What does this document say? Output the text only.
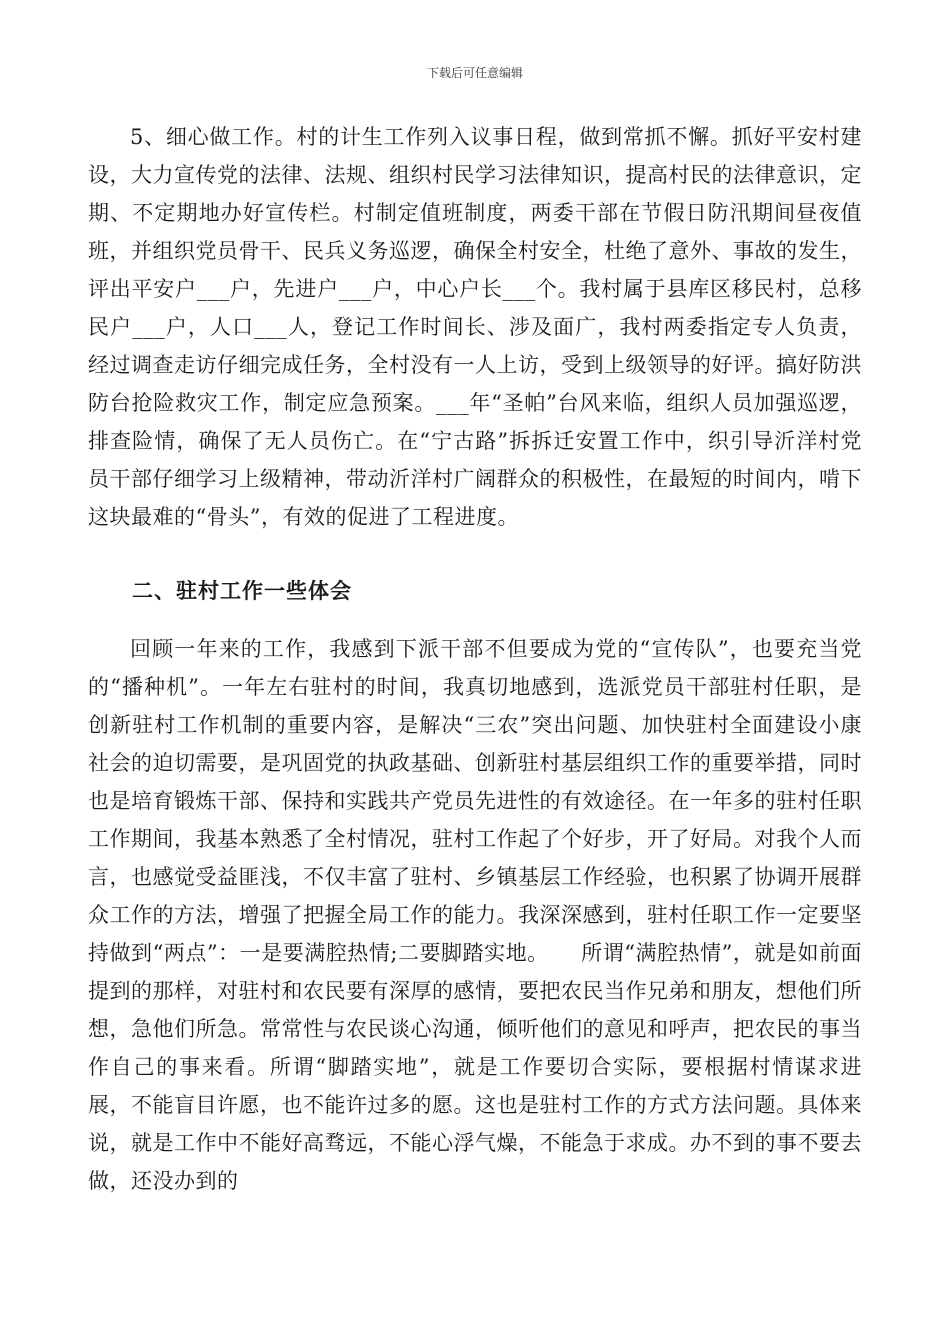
下载后可任意编辑

5、细心做工作。村的计生工作列入议事日程，做到常抓不懈。抓好平安村建设，大力宣传党的法律、法规、组织村民学习法律知识，提高村民的法律意识，定期、不定期地办好宣传栏。村制定值班制度，两委干部在节假日防汛期间昼夜值班，并组织党员骨干、民兵义务巡逻，确保全村安全，杜绝了意外、事故的发生，评出平安户___户，先进户___户，中心户长___个。我村属于县库区移民村，总移民户___户，人口___人，登记工作时间长、涉及面广，我村两委指定专人负责，经过调查走访仔细完成任务，全村没有一人上访，受到上级领导的好评。搞好防洪防台抢险救灾工作，制定应急预案。___年“圣帕”台风来临，组织人员加强巡逻，排查险情，确保了无人员伤亡。在“宁古路”拆拆迁安置工作中，织引导沂洋村党员干部仔细学习上级精神，带动沂洋村广阔群众的积极性，在最短的时间内，啃下这块最难的“骨头”，有效的促进了工程进度。

二、驻村工作一些体会

回顾一年来的工作，我感到下派干部不但要成为党的“宣传队”，也要充当党的“播种机”。一年左右驻村的时间，我真切地感到，选派党员干部驻村任职，是创新驻村工作机制的重要内容，是解决“三农”突出问题、加快驻村全面建设小康社会的迫切需要，是巩固党的执政基础、创新驻村基层组织工作的重要举措，同时也是培育锻炼干部、保持和实践共产党员先进性的有效途径。在一年多的驻村任职工作期间，我基本熟悉了全村情况，驻村工作起了个好步，开了好局。对我个人而言，也感觉受益匪浅，不仅丰富了驻村、乡镇基层工作经验，也积累了协调开展群众工作的方法，增强了把握全局工作的能力。我深深感到，驻村任职工作一定要坚持做到“两点”：一是要满腔热情;二要脚踏实地。　　所谓“满腔热情”，就是如前面提到的那样，对驻村和农民要有深厚的感情，要把农民当作兄弟和朋友，想他们所想，急他们所急。常常性与农民谈心沟通，倾听他们的意见和呼声，把农民的事当作自己的事来看。所谓“脚踏实地”，就是工作要切合实际，要根据村情谋求进展，不能盲目许愿，也不能许过多的愿。这也是驻村工作的方式方法问题。具体来说，就是工作中不能好高骛远，不能心浮气燥，不能急于求成。办不到的事不要去做，还没办到的
